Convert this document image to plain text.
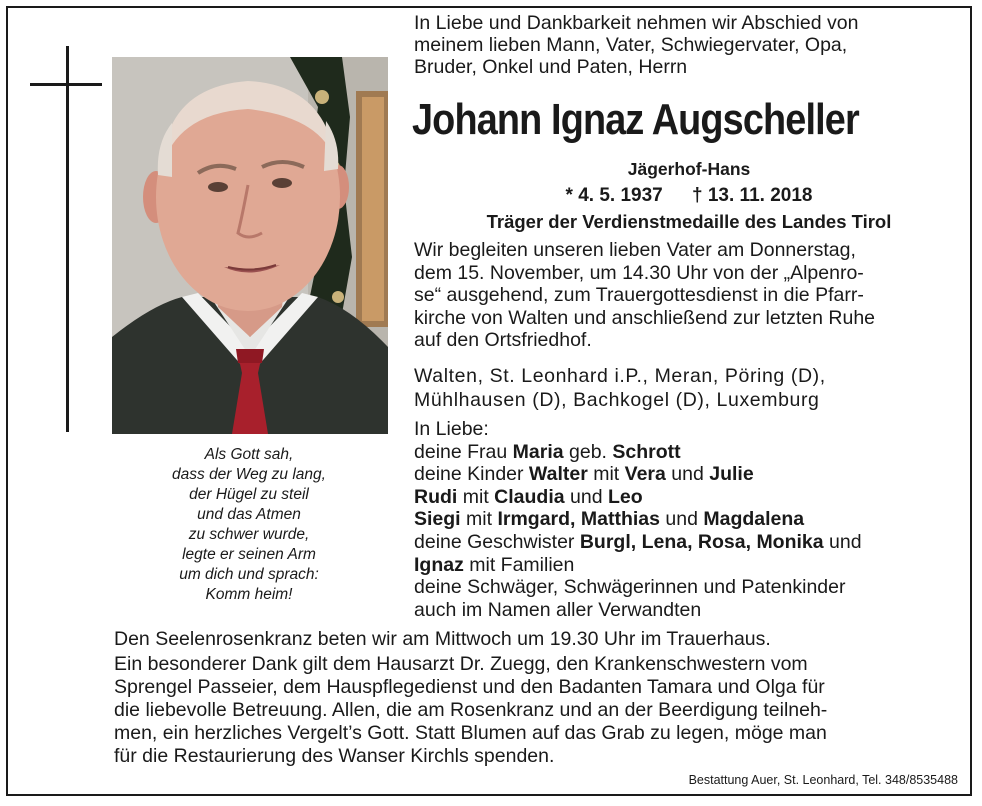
Als Gott sah,
dass der Weg zu lang,
der Hügel zu steil
und das Atmen
zu schwer wurde,
legte er seinen Arm
um dich und sprach:
Komm heim!
In Liebe und Dankbarkeit nehmen wir Abschied von
meinem lieben Mann, Vater, Schwiegervater, Opa,
Bruder, Onkel und Paten, Herrn
Johann Ignaz Augscheller
Jägerhof-Hans
* 4. 5. 1937 † 13. 11. 2018
Träger der Verdienstmedaille des Landes Tirol
Wir begleiten unseren lieben Vater am Donnerstag,
dem 15. November, um 14.30 Uhr von der „Alpenro-
se“ ausgehend, zum Trauergottesdienst in die Pfarr-
kirche von Walten und anschließend zur letzten Ruhe
auf den Ortsfriedhof.
Walten, St. Leonhard i.P., Meran, Pöring (D),
Mühlhausen (D), Bachkogel (D), Luxemburg
In Liebe:
deine Frau Maria geb. Schrott
deine Kinder Walter mit Vera und Julie
Rudi mit Claudia und Leo
Siegi mit Irmgard, Matthias und Magdalena
deine Geschwister Burgl, Lena, Rosa, Monika und
Ignaz mit Familien
deine Schwäger, Schwägerinnen und Patenkinder
auch im Namen aller Verwandten
Den Seelenrosenkranz beten wir am Mittwoch um 19.30 Uhr im Trauerhaus.
Ein besonderer Dank gilt dem Hausarzt Dr. Zuegg, den Krankenschwestern vom
Sprengel Passeier, dem Hauspflegedienst und den Badanten Tamara und Olga für
die liebevolle Betreuung. Allen, die am Rosenkranz und an der Beerdigung teilneh-
men, ein herzliches Vergelt’s Gott. Statt Blumen auf das Grab zu legen, möge man
für die Restaurierung des Wanser Kirchls spenden.
Bestattung Auer, St. Leonhard, Tel. 348/8535488
